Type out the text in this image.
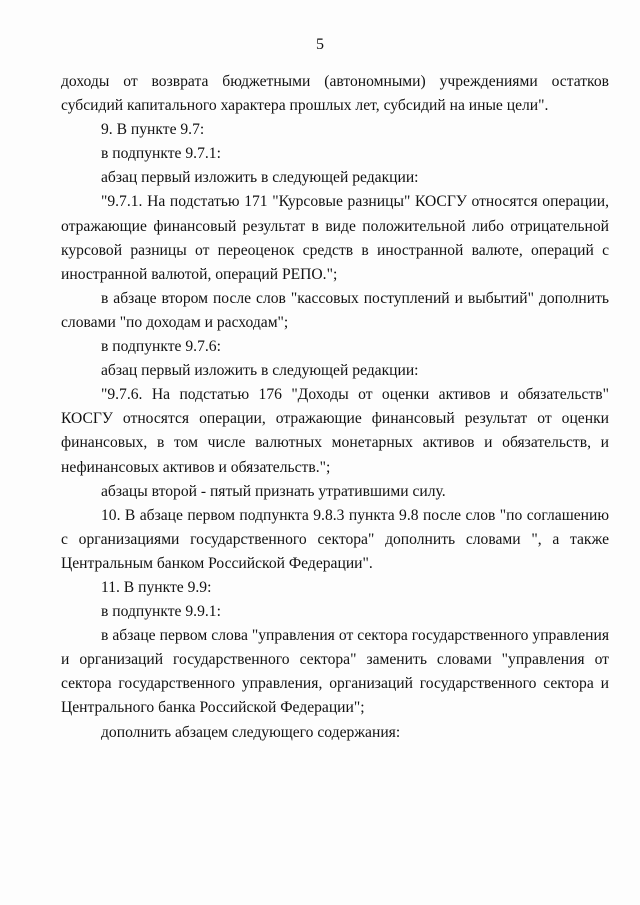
5

доходы от возврата бюджетными (автономными) учреждениями остатков субсидий капитального характера прошлых лет, субсидий на иные цели".

9. В пункте 9.7:

в подпункте 9.7.1:

абзац первый изложить в следующей редакции:

"9.7.1. На подстатью 171 "Курсовые разницы" КОСГУ относятся операции, отражающие финансовый результат в виде положительной либо отрицательной курсовой разницы от переоценок средств в иностранной валюте, операций с иностранной валютой, операций РЕПО.";

в абзаце втором после слов "кассовых поступлений и выбытий" дополнить словами "по доходам и расходам";

в подпункте 9.7.6:

абзац первый изложить в следующей редакции:

"9.7.6. На подстатью 176 "Доходы от оценки активов и обязательств" КОСГУ относятся операции, отражающие финансовый результат от оценки финансовых, в том числе валютных монетарных активов и обязательств, и нефинансовых активов и обязательств.";

абзацы второй - пятый признать утратившими силу.

10. В абзаце первом подпункта 9.8.3 пункта 9.8 после слов "по соглашению с организациями государственного сектора" дополнить словами ", а также Центральным банком Российской Федерации".

11. В пункте 9.9:

в подпункте 9.9.1:

в абзаце первом слова "управления от сектора государственного управления и организаций государственного сектора" заменить словами "управления от сектора государственного управления, организаций государственного сектора и Центрального банка Российской Федерации";

дополнить абзацем следующего содержания:
